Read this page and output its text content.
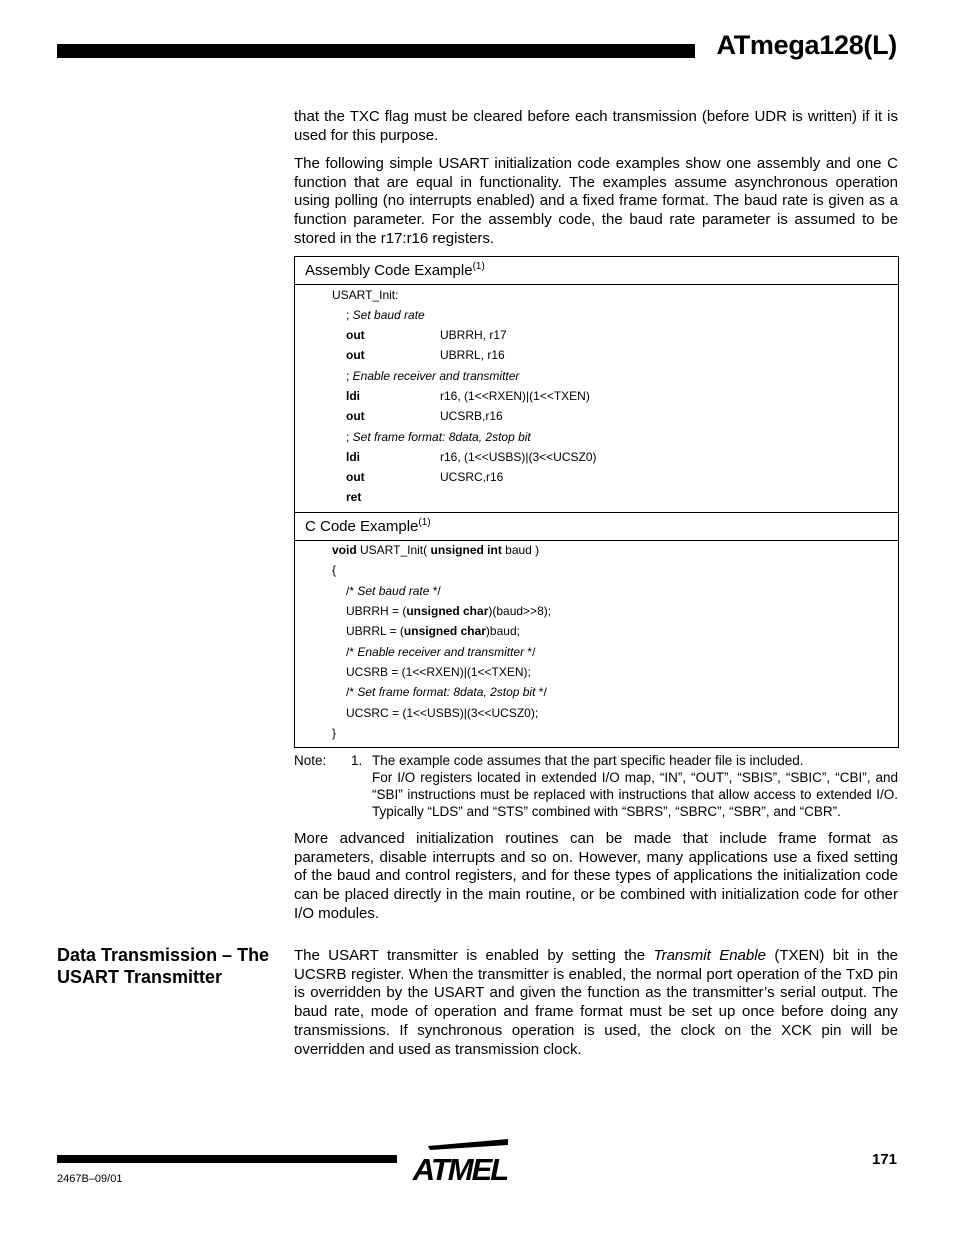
ATmega128(L)
that the TXC flag must be cleared before each transmission (before UDR is written) if it is used for this purpose.
The following simple USART initialization code examples show one assembly and one C function that are equal in functionality. The examples assume asynchronous operation using polling (no interrupts enabled) and a fixed frame format. The baud rate is given as a function parameter. For the assembly code, the baud rate parameter is assumed to be stored in the r17:r16 registers.
Assembly Code Example$^{(1)}$
USART_Init:
; Set baud rate
out	UBRRH, r17
out	UBRRL, r16
; Enable receiver and transmitter
ldi	r16, (1<<RXEN)|(1<<TXEN)
out	UCSRB,r16
; Set frame format: 8data, 2stop bit
ldi	r16, (1<<USBS)|(3<<UCSZ0)
out	UCSRC,r16
ret
C Code Example$^{(1)}$
void USART_Init( unsigned int baud )
{
/* Set baud rate */
UBRRH = (unsigned char)(baud>>8);
UBRRL = (unsigned char)baud;
/* Enable receiver and transmitter */
UCSRB = (1<<RXEN)|(1<<TXEN);
/* Set frame format: 8data, 2stop bit */
UCSRC = (1<<USBS)|(3<<UCSZ0);
}
Note: 1. The example code assumes that the part specific header file is included.
For I/O registers located in extended I/O map, “IN”, “OUT”, “SBIS”, “SBIC”, “CBI”, and “SBI” instructions must be replaced with instructions that allow access to extended I/O. Typically “LDS” and “STS” combined with “SBRS”, “SBRC”, “SBR”, and “CBR”.
More advanced initialization routines can be made that include frame format as parameters, disable interrupts and so on. However, many applications use a fixed setting of the baud and control registers, and for these types of applications the initialization code can be placed directly in the main routine, or be combined with initialization code for other I/O modules.
Data Transmission – The USART Transmitter
The USART transmitter is enabled by setting the Transmit Enable (TXEN) bit in the UCSRB register. When the transmitter is enabled, the normal port operation of the TxD pin is overridden by the USART and given the function as the transmitter’s serial output. The baud rate, mode of operation and frame format must be set up once before doing any transmissions. If synchronous operation is used, the clock on the XCK pin will be overridden and used as transmission clock.
2467B–09/01
171
ATMEL
